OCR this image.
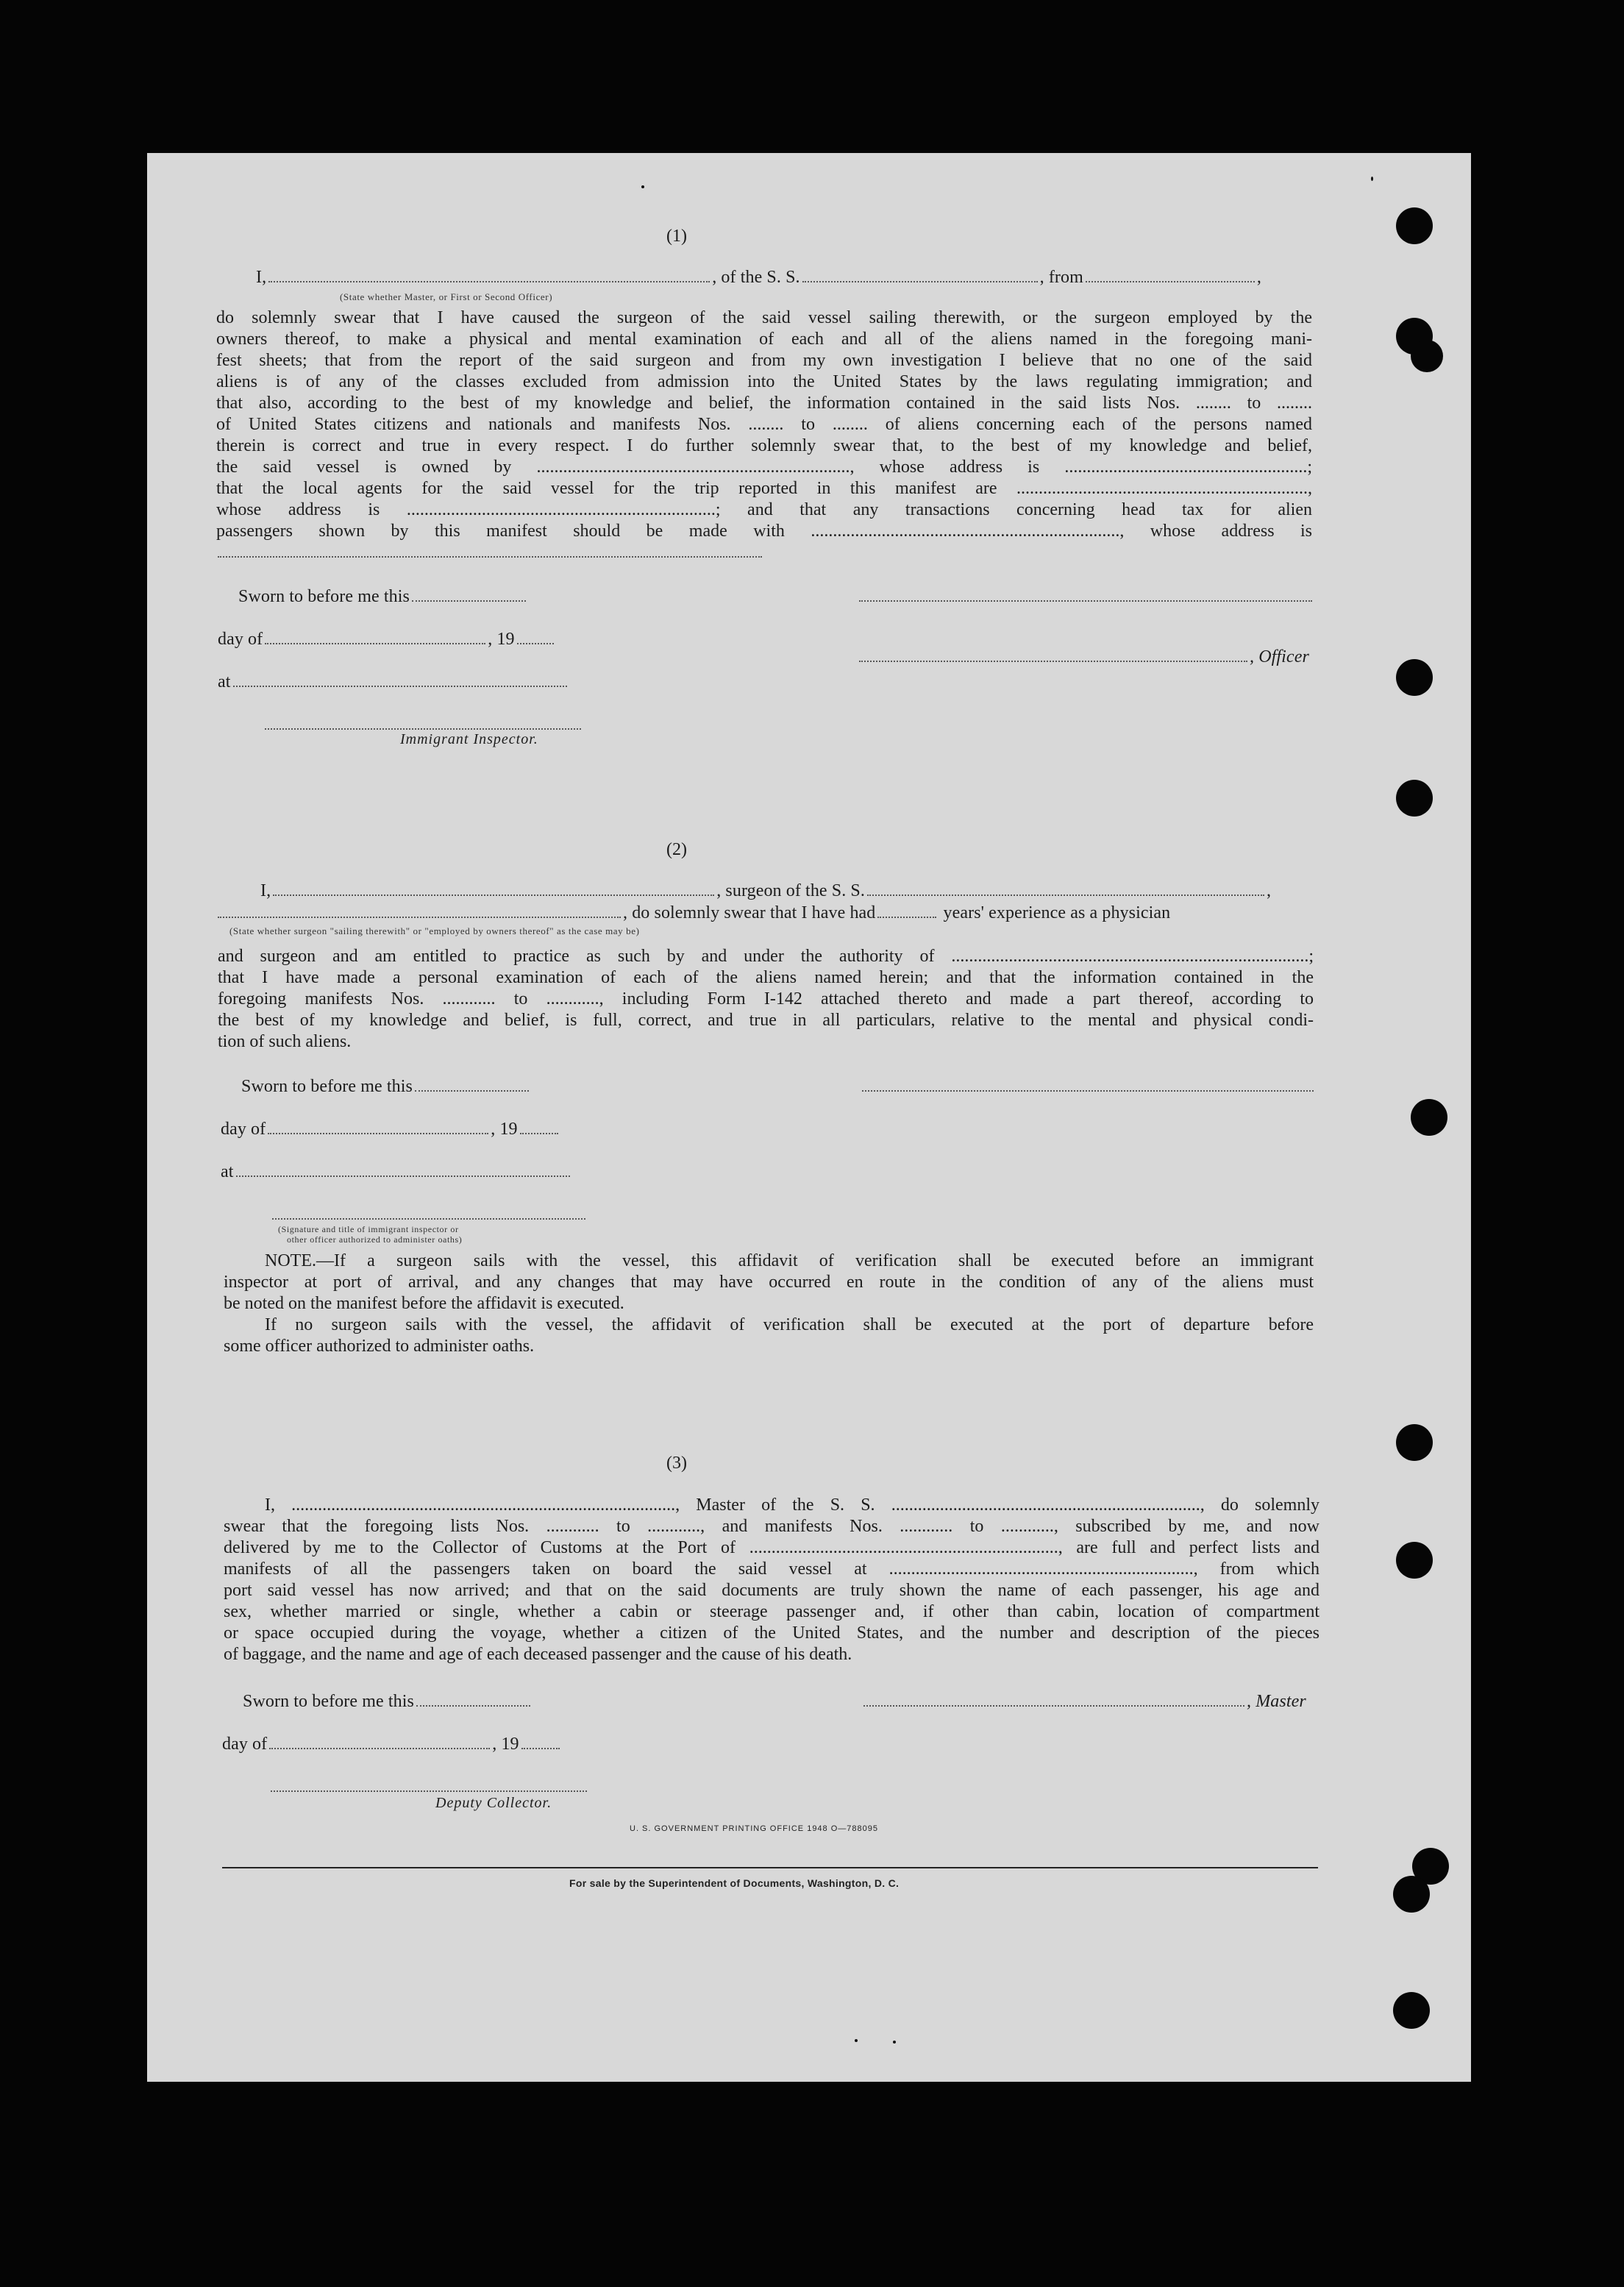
(1)
I,	, of the S. S.	, from	,
(State whether Master, or First or Second Officer)
do solemnly swear that I have caused the surgeon of the said vessel sailing therewith, or the surgeon employed by the
owners thereof, to make a physical and mental examination of each and all of the aliens named in the foregoing mani-
fest sheets; that from the report of the said surgeon and from my own investigation I believe that no one of the said
aliens is of any of the classes excluded from admission into the United States by the laws regulating immigration; and
that also, according to the best of my knowledge and belief, the information contained in the said lists Nos. ........ to ........
of United States citizens and nationals and manifests Nos. ........ to ........ of aliens concerning each of the persons named
therein is correct and true in every respect. I do further solemnly swear that, to the best of my knowledge and belief,
the said vessel is owned by ......................................................................., whose address is .......................................................;
that the local agents for the said vessel for the trip reported in this manifest are ..................................................................,
whose address is ......................................................................; and that any transactions concerning head tax for alien
passengers shown by this manifest should be made with ......................................................................, whose address is
Sworn to before me this
day of	, 19
at
, Officer
Immigrant Inspector.
(2)
I,	, surgeon of the S. S.	,
, do solemnly swear that I have had	years' experience as a physician
(State whether surgeon "sailing therewith" or "employed by owners thereof" as the case may be)
and surgeon and am entitled to practice as such by and under the authority of .................................................................................;
that I have made a personal examination of each of the aliens named herein; and that the information contained in the
foregoing manifests Nos. ............ to ............, including Form I-142 attached thereto and made a part thereof, according to
the best of my knowledge and belief, is full, correct, and true in all particulars, relative to the mental and physical condi-
tion of such aliens.
Sworn to before me this
day of	, 19
at
(Signature and title of immigrant inspector or
other officer authorized to administer oaths)
NOTE.—If a surgeon sails with the vessel, this affidavit of verification shall be executed before an immigrant
inspector at port of arrival, and any changes that may have occurred en route in the condition of any of the aliens must
be noted on the manifest before the affidavit is executed.
If no surgeon sails with the vessel, the affidavit of verification shall be executed at the port of departure before
some officer authorized to administer oaths.
(3)
I, ......................................................................................., Master of the S. S. ......................................................................, do solemnly
swear that the foregoing lists Nos. ............ to ............, and manifests Nos. ............ to ............, subscribed by me, and now
delivered by me to the Collector of Customs at the Port of ......................................................................, are full and perfect lists and
manifests of all the passengers taken on board the said vessel at ....................................................................., from which
port said vessel has now arrived; and that on the said documents are truly shown the name of each passenger, his age and
sex, whether married or single, whether a cabin or steerage passenger and, if other than cabin, location of compartment
or space occupied during the voyage, whether a citizen of the United States, and the number and description of the pieces
of baggage, and the name and age of each deceased passenger and the cause of his death.
Sworn to before me this	, Master
day of	, 19
Deputy Collector.
U. S. GOVERNMENT PRINTING OFFICE 1948 O—788095
For sale by the Superintendent of Documents, Washington, D. C.
